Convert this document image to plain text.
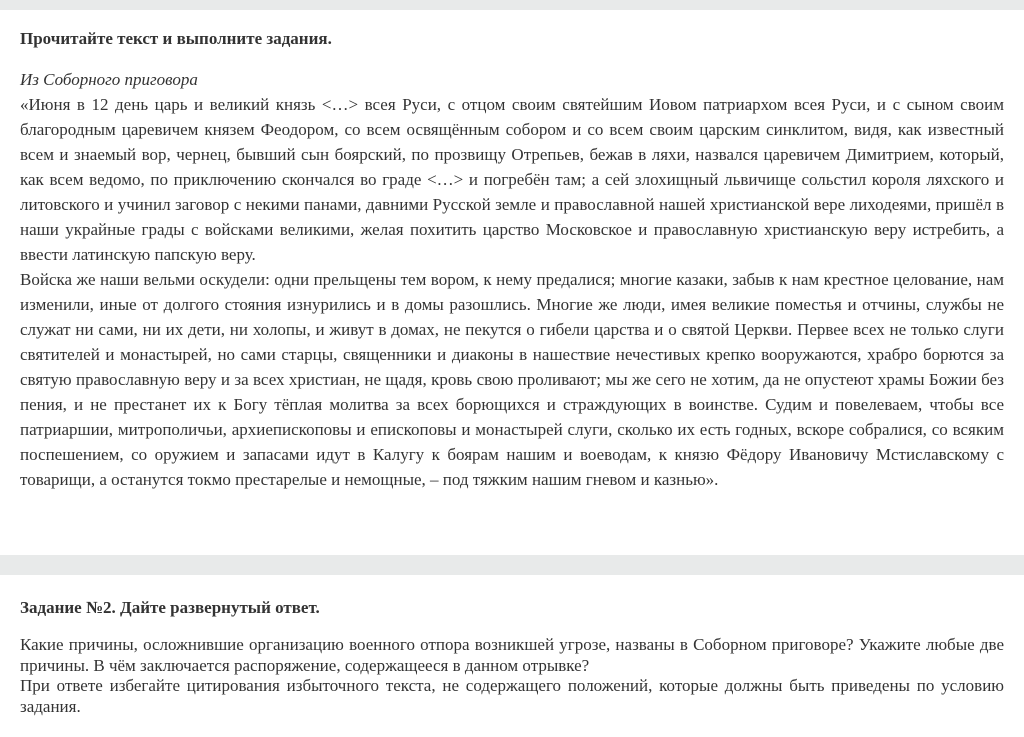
Прочитайте текст и выполните задания.

Из Соборного приговора

«Июня в 12 день царь и великий князь <…> всея Руси, с отцом своим святейшим Иовом патриархом всея Руси, и с сыном своим благородным царевичем князем Феодором, со всем освящённым собором и со всем своим царским синклитом, видя, как известный всем и знаемый вор, чернец, бывший сын боярский, по прозвищу Отрепьев, бежав в ляхи, назвался царевичем Димитрием, который, как всем ведомо, по приключению скончался во граде <…> и погребён там; а сей злохищный львичище сольстил короля ляхского и литовского и учинил заговор с некими панами, давними Русской земле и православной нашей христианской вере лиходеями, пришёл в наши украйные грады с войсками великими, желая похитить царство Московское и православную христианскую веру истребить, а ввести латинскую папскую веру.

Войска же наши вельми оскудели: одни прельщены тем вором, к нему предалися; многие казаки, забыв к нам крестное целование, нам изменили, иные от долгого стояния изнурились и в домы разошлись. Многие же люди, имея великие поместья и отчины, службы не служат ни сами, ни их дети, ни холопы, и живут в домах, не пекутся о гибели царства и о святой Церкви. Первее всех не только слуги святителей и монастырей, но сами старцы, священники и диаконы в нашествие нечестивых крепко вооружаются, храбро борются за святую православную веру и за всех христиан, не щадя, кровь свою проливают; мы же сего не хотим, да не опустеют храмы Божии без пения, и не престанет их к Богу тёплая молитва за всех борющихся и страждующих в воинстве. Судим и повелеваем, чтобы все патриаршии, митрополичьи, архиепископовы и епископовы и монастырей слуги, сколько их есть годных, вскоре собралися, со всяким поспешением, со оружием и запасами идут в Калугу к боярам нашим и воеводам, к князю Фёдору Ивановичу Мстиславскому с товарищи, а останутся токмо престарелые и немощные, – под тяжким нашим гневом и казнью».

Задание №2. Дайте развернутый ответ.

Какие причины, осложнившие организацию военного отпора возникшей угрозе, названы в Соборном приговоре? Укажите любые две причины. В чём заключается распоряжение, содержащееся в данном отрывке?

При ответе избегайте цитирования избыточного текста, не содержащего положений, которые должны быть приведены по условию задания.
